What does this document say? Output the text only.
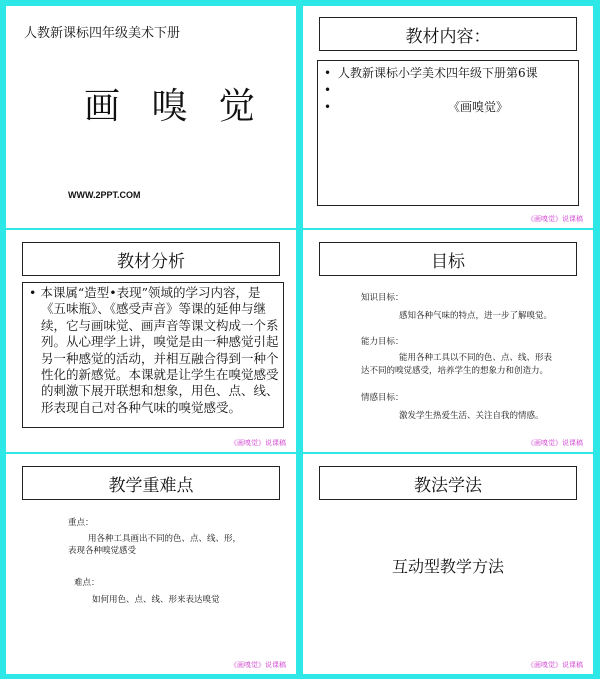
人教新课标四年级美术下册
画 嗅 觉
WWW.2PPT.COM
教材内容：
• 人教新课标小学美术四年级下册第6课
•
•	《画嗅觉》
《画嗅觉》说课稿
教材分析
• 本课属“造型•表现”领域的学习内容，是《五味瓶》、《感受声音》等课的延伸与继续，它与画味觉、画声音等课文构成一个系列。从心理学上讲，嗅觉是由一种感觉引起另一种感觉的活动，并相互融合得到一种个性化的新感觉。本课就是让学生在嗅觉感受的刺激下展开联想和想象，用色、点、线、形表现自己对各种气味的嗅觉感受。
《画嗅觉》说课稿
目标
知识目标：
感知各种气味的特点，进一步了解嗅觉。
能力目标：
能用各种工具以不同的色、点、线、形表
达不同的嗅觉感受，培养学生的想象力和创造力。
情感目标：
激发学生热爱生活、关注自我的情感。
《画嗅觉》说课稿
教学重难点
重点：
用各种工具画出不同的色、点、线、形，
表现各种嗅觉感受
难点：
如何用色、点、线、形来表达嗅觉
《画嗅觉》说课稿
教法学法
互动型教学方法
《画嗅觉》说课稿
